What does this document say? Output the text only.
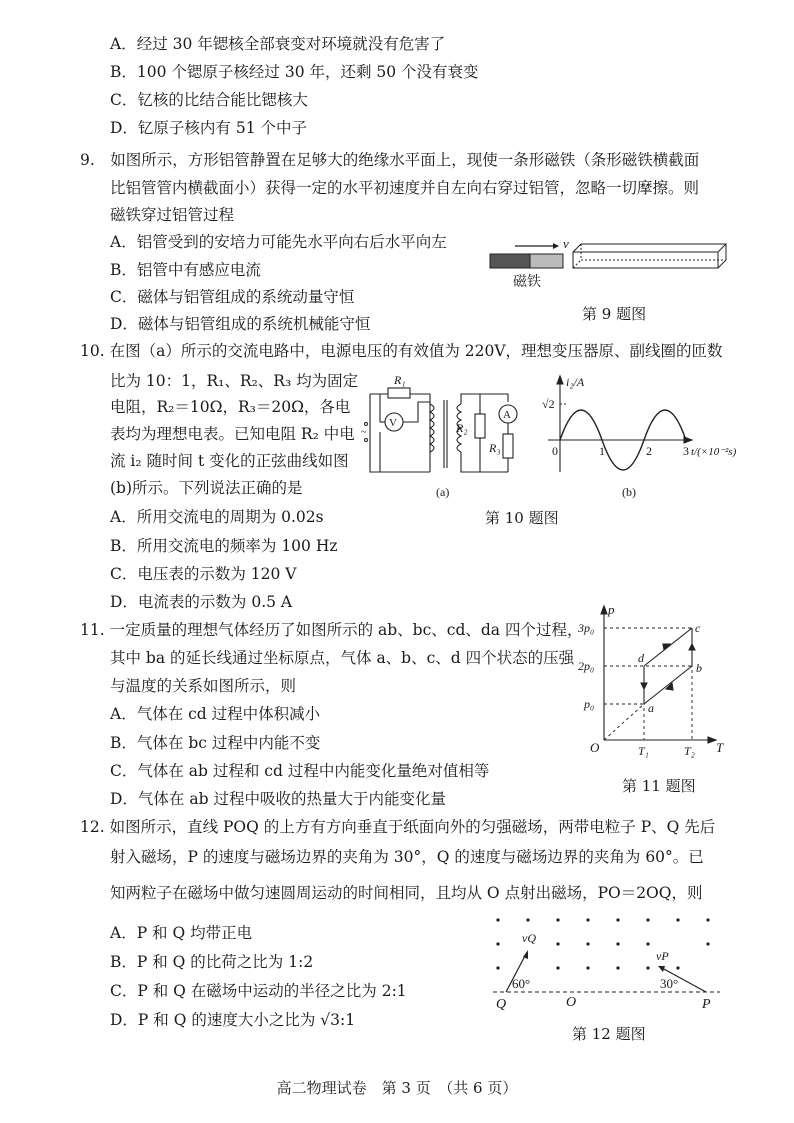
A．经过 30 年锶核全部衰变对环境就没有危害了
B．100 个锶原子核经过 30 年，还剩 50 个没有衰变
C．钇核的比结合能比锶核大
D．钇原子核内有 51 个中子
9.　如图所示，方形铝管静置在足够大的绝缘水平面上，现使一条形磁铁（条形磁铁横截面
比铝管管内横截面小）获得一定的水平初速度并自左向右穿过铝管，忽略一切摩擦。则
磁铁穿过铝管过程
A．铝管受到的安培力可能先水平向右后水平向左
B．铝管中有感应电流
C．磁体与铝管组成的系统动量守恒
D．磁体与铝管组成的系统机械能守恒
v
磁铁
第 9 题图
10. 在图（a）所示的交流电路中，电源电压的有效值为 220V，理想变压器原、副线圈的匝数
比为 10：1，R₁、R₂、R₃ 均为固定
电阻，R₂＝10Ω，R₃＝20Ω，各电
表均为理想电表。已知电阻 R₂ 中电
流 i₂ 随时间 t 变化的正弦曲线如图
(b)所示。下列说法正确的是
A．所用交流电的周期为 0.02s
B．所用交流电的频率为 100 Hz
C．电压表的示数为 120 V
D．电流表的示数为 0.5 A
~
R₁
V	R₂
A
R₃
(a)
i₂/A
√2
0	1	2	3 t/(×10⁻²s)
(b)
第 10 题图
11. 一定质量的理想气体经历了如图所示的 ab、bc、cd、da 四个过程，
其中 ba 的延长线通过坐标原点，气体 a、b、c、d 四个状态的压强
与温度的关系如图所示，则
A．气体在 cd 过程中体积减小
B．气体在 bc 过程中内能不变
C．气体在 ab 过程和 cd 过程中内能变化量绝对值相等
D．气体在 ab 过程中吸收的热量大于内能变化量
p
T
O
3p₀
2p₀
p₀
T₁	T₂
a
b
c
d
第 11 题图
12. 如图所示，直线 POQ 的上方有方向垂直于纸面向外的匀强磁场，两带电粒子 P、Q 先后
射入磁场，P 的速度与磁场边界的夹角为 30°，Q 的速度与磁场边界的夹角为 60°。已
知两粒子在磁场中做匀速圆周运动的时间相同，且均从 O 点射出磁场，PO＝2OQ，则
A．P 和 Q 均带正电
B．P 和 Q 的比荷之比为 1:2
C．P 和 Q 在磁场中运动的半径之比为 2:1
D．P 和 Q 的速度大小之比为 √3:1
vQ
vP
60°	30°
Q	O	P
第 12 题图
高二物理试卷　第 3 页　（共 6 页）
